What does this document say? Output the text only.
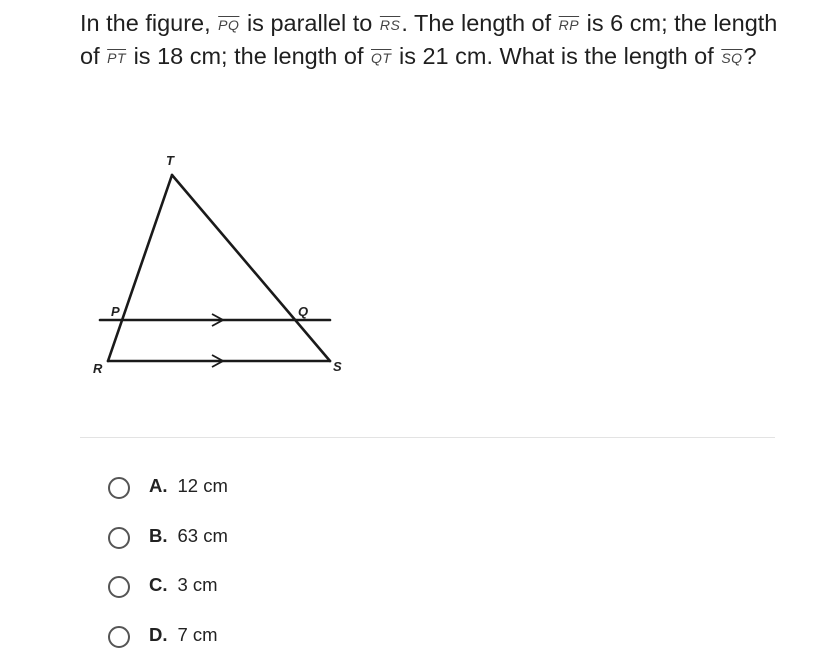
In the figure, $\overline{PQ}$ is parallel to $\overline{RS}$. The length of $\overline{RP}$ is 6 cm; the length of $\overline{PT}$ is 18 cm; the length of $\overline{QT}$ is 21 cm. What is the length of $\overline{SQ}$?
T
P	Q
R	S
A. 12 cm
B. 63 cm
C. 3 cm
D. 7 cm
